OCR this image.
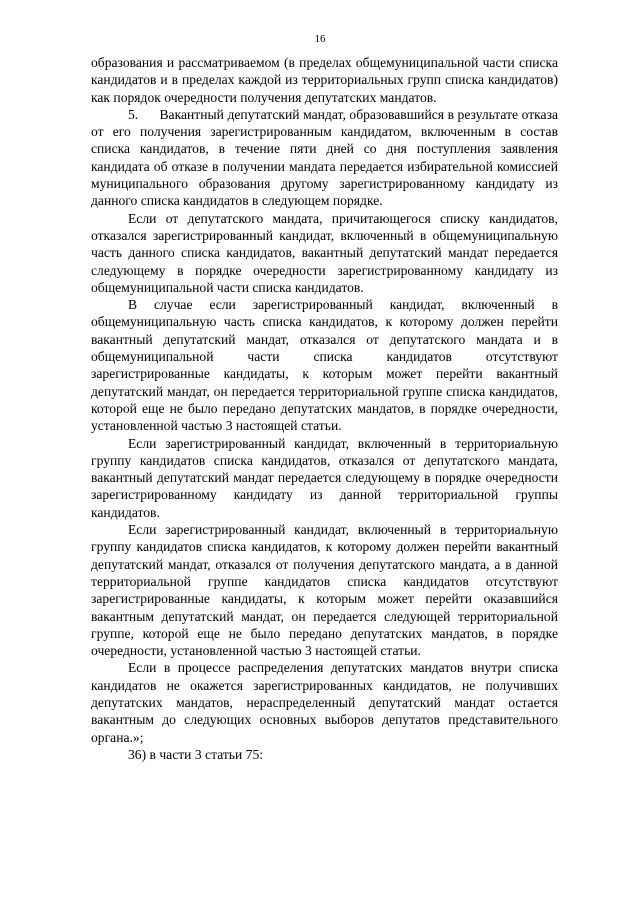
16

образования и рассматриваемом (в пределах общемуниципальной части списка кандидатов и в пределах каждой из территориальных групп списка кандидатов) как порядок очередности получения депутатских мандатов.

5.      Вакантный депутатский мандат, образовавшийся в результате отказа от его получения зарегистрированным кандидатом, включенным в состав списка кандидатов, в течение пяти дней со дня поступления заявления кандидата об отказе в получении мандата передается избирательной комиссией муниципального образования другому зарегистрированному кандидату из данного списка кандидатов в следующем порядке.

Если от депутатского мандата, причитающегося списку кандидатов, отказался зарегистрированный кандидат, включенный в общемуниципальную часть данного списка кандидатов, вакантный депутатский мандат передается следующему в порядке очередности зарегистрированному кандидату из общемуниципальной части списка кандидатов.

В случае если зарегистрированный кандидат, включенный в общемуниципальную часть списка кандидатов, к которому должен перейти вакантный депутатский мандат, отказался от депутатского мандата и в общемуниципальной части списка кандидатов отсутствуют зарегистрированные кандидаты, к которым может перейти вакантный депутатский мандат, он передается территориальной группе списка кандидатов, которой еще не было передано депутатских мандатов, в порядке очередности, установленной частью 3 настоящей статьи.

Если зарегистрированный кандидат, включенный в территориальную группу кандидатов списка кандидатов, отказался от депутатского мандата, вакантный депутатский мандат передается следующему в порядке очередности зарегистрированному кандидату из данной территориальной группы кандидатов.

Если зарегистрированный кандидат, включенный в территориальную группу кандидатов списка кандидатов, к которому должен перейти вакантный депутатский мандат, отказался от получения депутатского мандата, а в данной территориальной группе кандидатов списка кандидатов отсутствуют зарегистрированные кандидаты, к которым может перейти оказавшийся вакантным депутатский мандат, он передается следующей территориальной группе, которой еще не было передано депутатских мандатов, в порядке очередности, установленной частью 3 настоящей статьи.

Если в процессе распределения депутатских мандатов внутри списка кандидатов не окажется зарегистрированных кандидатов, не получивших депутатских мандатов, нераспределенный депутатский мандат остается вакантным до следующих основных выборов депутатов представительного органа.»;

36) в части 3 статьи 75:
